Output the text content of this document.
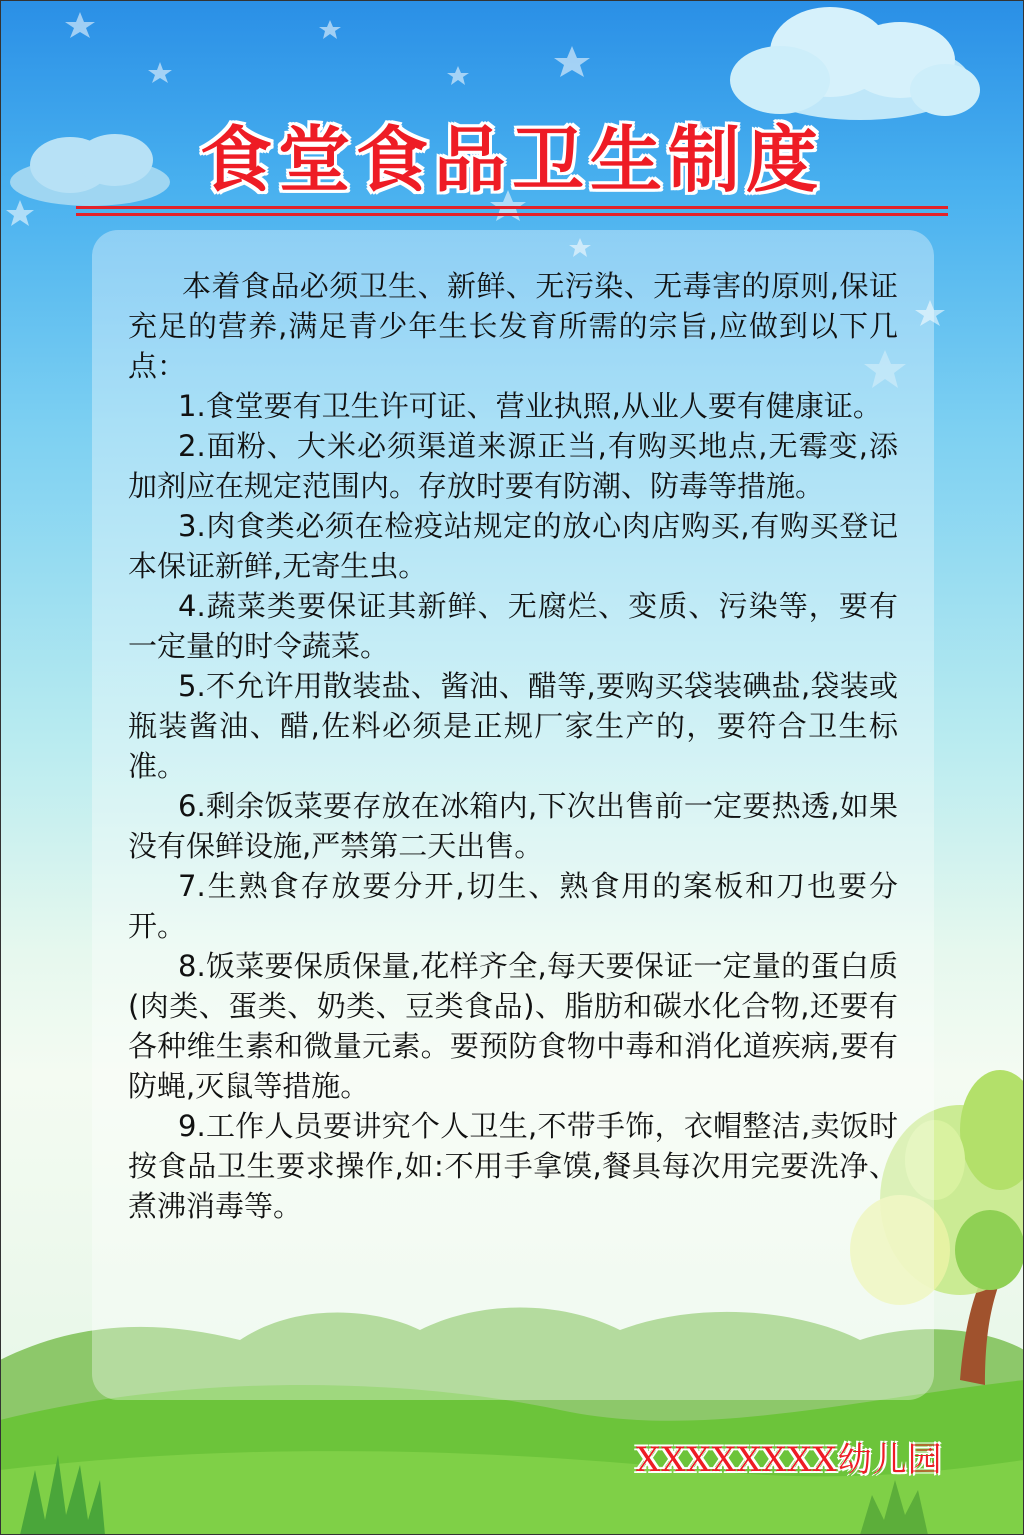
食堂食品卫生制度

本着食品必须卫生、新鲜、无污染、无毒害的原则,保证充足的营养,满足青少年生长发育所需的宗旨,应做到以下几点：

1.食堂要有卫生许可证、营业执照,从业人要有健康证。

2.面粉、大米必须渠道来源正当,有购买地点,无霉变,添加剂应在规定范围内。存放时要有防潮、防毒等措施。

3.肉食类必须在检疫站规定的放心肉店购买,有购买登记本保证新鲜,无寄生虫。

4.蔬菜类要保证其新鲜、无腐烂、变质、污染等，要有一定量的时令蔬菜。

5.不允许用散装盐、酱油、醋等,要购买袋装碘盐,袋装或瓶装酱油、醋,佐料必须是正规厂家生产的，要符合卫生标准。

6.剩余饭菜要存放在冰箱内,下次出售前一定要热透,如果没有保鲜设施,严禁第二天出售。

7.生熟食存放要分开,切生、熟食用的案板和刀也要分开。

8.饭菜要保质保量,花样齐全,每天要保证一定量的蛋白质(肉类、蛋类、奶类、豆类食品)、脂肪和碳水化合物,还要有各种维生素和微量元素。要预防食物中毒和消化道疾病,要有防蝇,灭鼠等措施。

9.工作人员要讲究个人卫生,不带手饰，衣帽整洁,卖饭时按食品卫生要求操作,如:不用手拿馍,餐具每次用完要洗净、煮沸消毒等。

XXXXXXXX幼儿园
